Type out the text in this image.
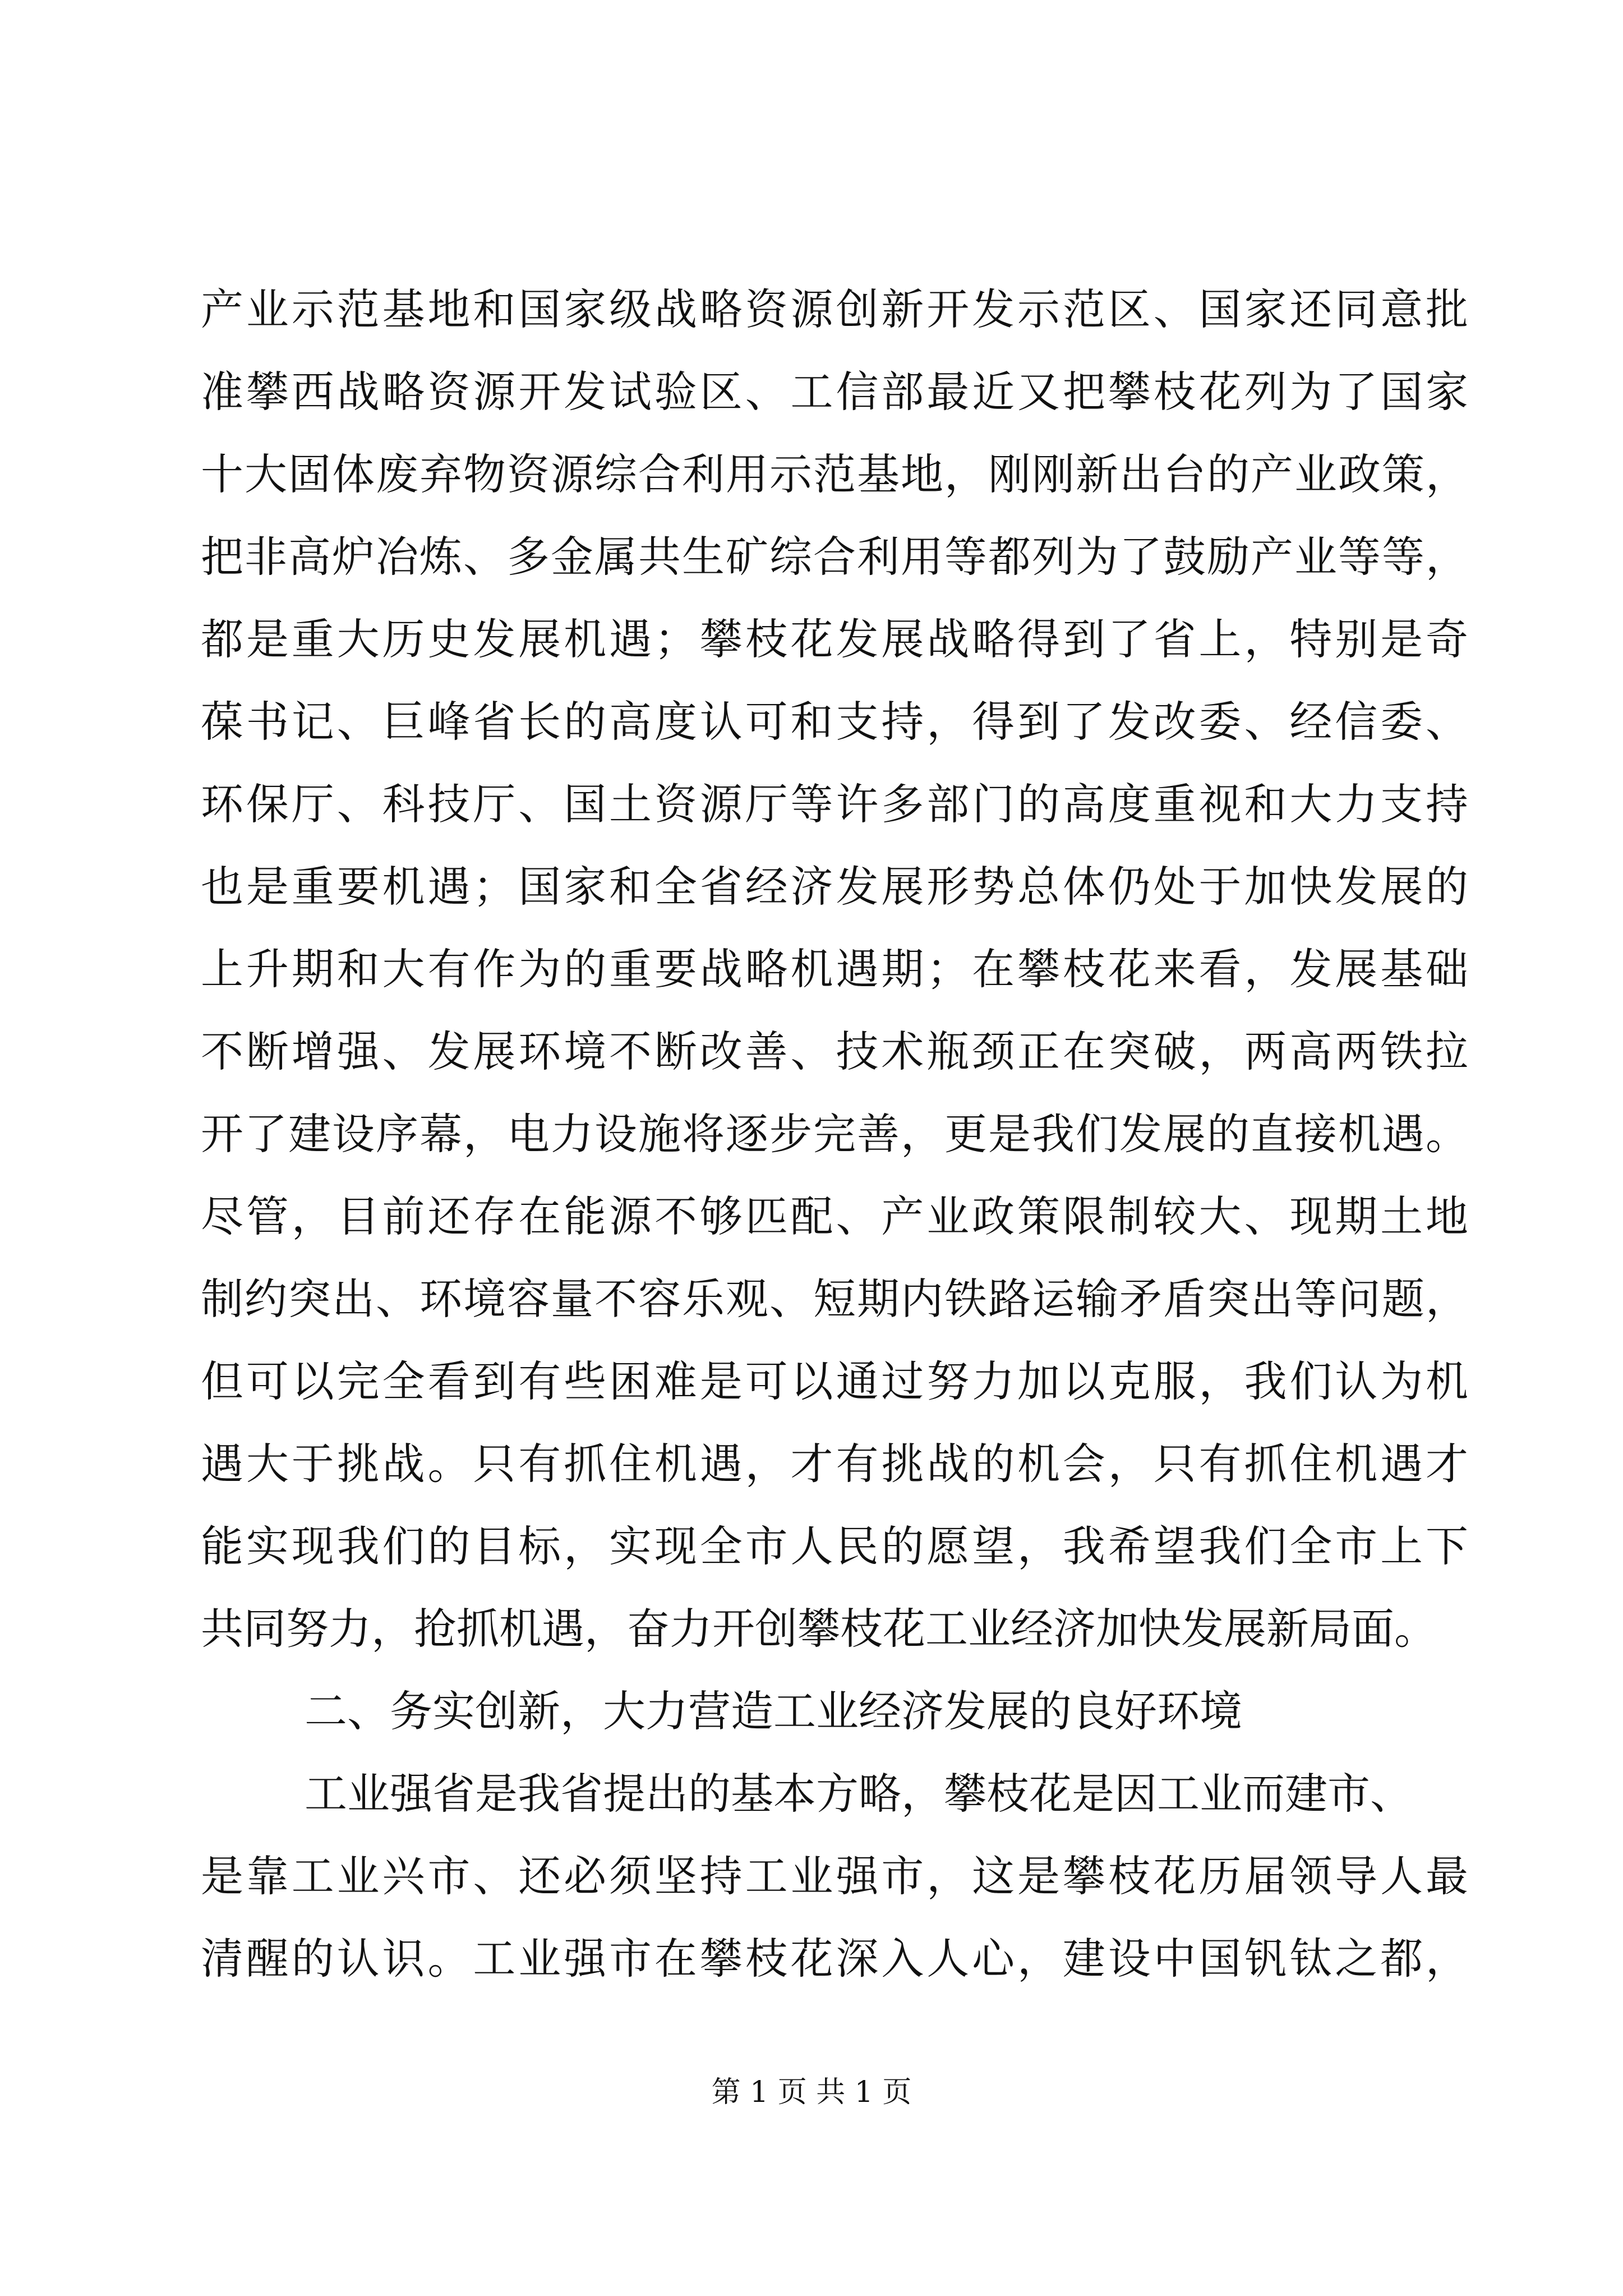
产业示范基地和国家级战略资源创新开发示范区、国家还同意批
准攀西战略资源开发试验区、工信部最近又把攀枝花列为了国家
十大固体废弃物资源综合利用示范基地，刚刚新出台的产业政策，
把非高炉冶炼、多金属共生矿综合利用等都列为了鼓励产业等等，
都是重大历史发展机遇；攀枝花发展战略得到了省上，特别是奇
葆书记、巨峰省长的高度认可和支持，得到了发改委、经信委、
环保厅、科技厅、国土资源厅等许多部门的高度重视和大力支持
也是重要机遇；国家和全省经济发展形势总体仍处于加快发展的
上升期和大有作为的重要战略机遇期；在攀枝花来看，发展基础
不断增强、发展环境不断改善、技术瓶颈正在突破，两高两铁拉
开了建设序幕，电力设施将逐步完善，更是我们发展的直接机遇。
尽管，目前还存在能源不够匹配、产业政策限制较大、现期土地
制约突出、环境容量不容乐观、短期内铁路运输矛盾突出等问题，
但可以完全看到有些困难是可以通过努力加以克服，我们认为机
遇大于挑战。只有抓住机遇，才有挑战的机会，只有抓住机遇才
能实现我们的目标，实现全市人民的愿望，我希望我们全市上下
共同努力，抢抓机遇，奋力开创攀枝花工业经济加快发展新局面。
二、务实创新，大力营造工业经济发展的良好环境
工业强省是我省提出的基本方略，攀枝花是因工业而建市、
是靠工业兴市、还必须坚持工业强市，这是攀枝花历届领导人最
清醒的认识。工业强市在攀枝花深入人心，建设中国钒钛之都，
第 1 页 共 1 页
